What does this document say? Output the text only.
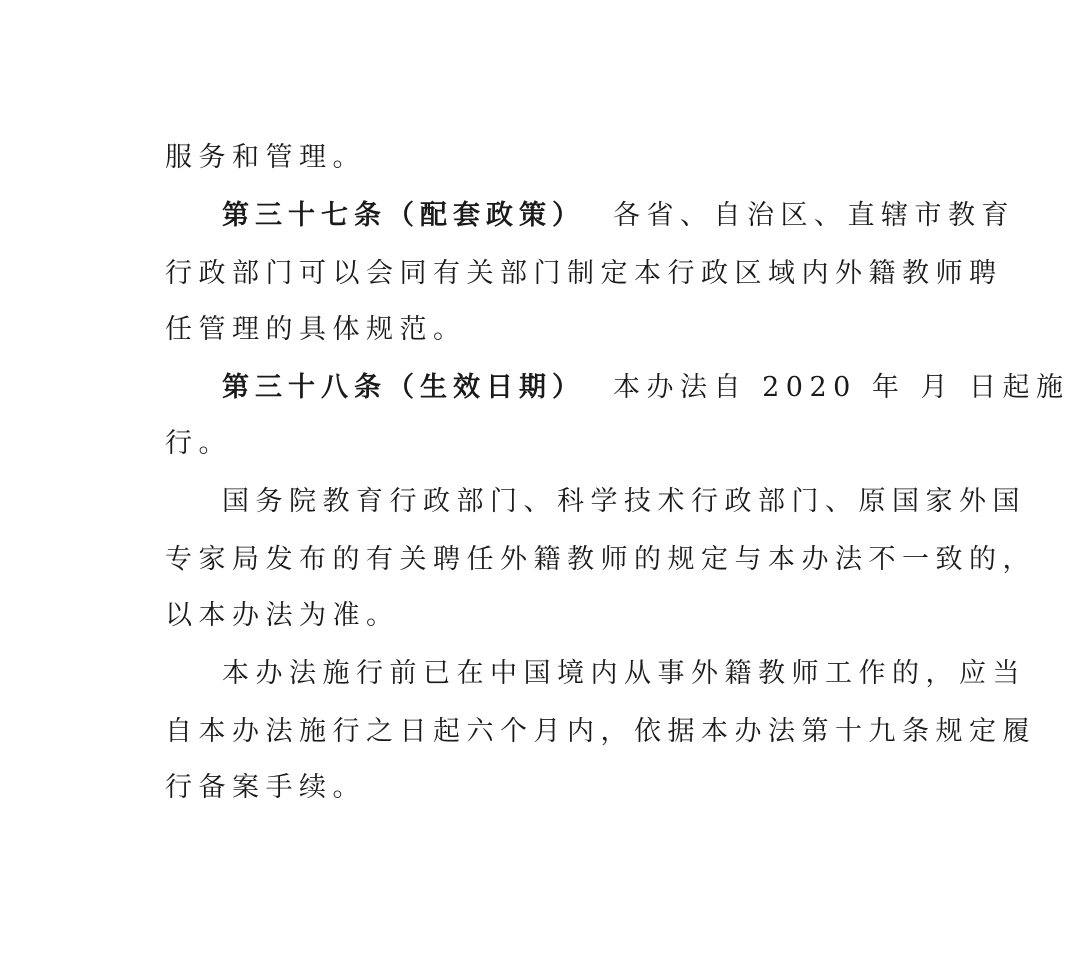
服务和管理。
第三十七条（配套政策） 各省、自治区、直辖市教育
行政部门可以会同有关部门制定本行政区域内外籍教师聘
任管理的具体规范。
第三十八条（生效日期） 本办法自 2020 年 月 日起施
行。
国务院教育行政部门、科学技术行政部门、原国家外国
专家局发布的有关聘任外籍教师的规定与本办法不一致的，
以本办法为准。
本办法施行前已在中国境内从事外籍教师工作的，应当
自本办法施行之日起六个月内，依据本办法第十九条规定履
行备案手续。
